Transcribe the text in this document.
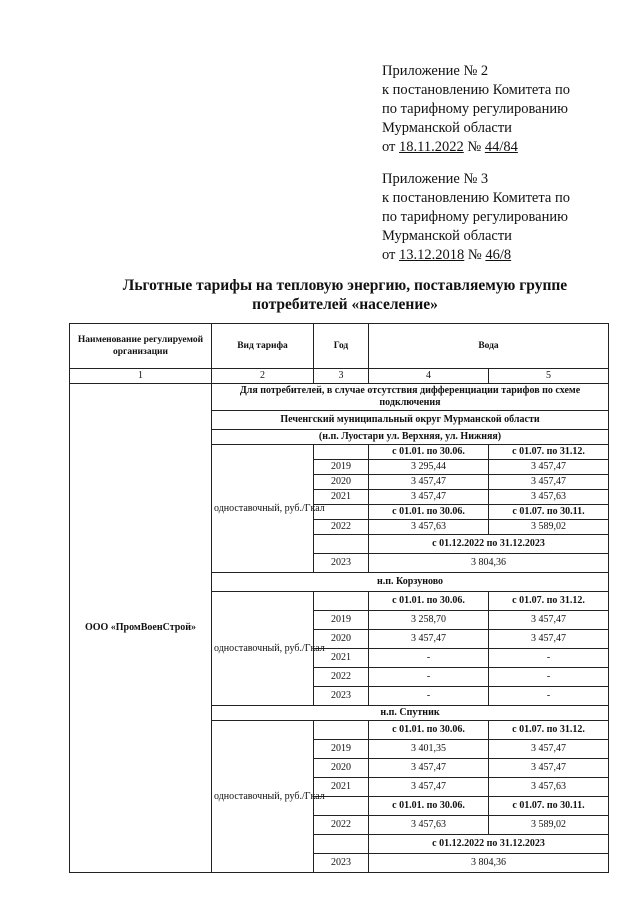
Приложение № 2
к постановлению Комитета по
по тарифному регулированию
Мурманской области
от 18.11.2022 № 44/84
Приложение № 3
к постановлению Комитета по
по тарифному регулированию
Мурманской области
от 13.12.2018 № 46/8
Льготные тарифы на тепловую энергию, поставляемую группе
потребителей «население»
Наименование регулируемой организации	Вид тарифа	Год	Вода	
1	2	3	4	5
ООО «ПромВоенСтрой»	Для потребителей, в случае отсутствия дифференциации тарифов по схеме подключения			
	Печенгский муниципальный округ Мурманской области			
	(н.п. Луостари ул. Верхняя, ул. Нижняя)			
	одноставочный, руб./Гкал		с 01.01. по 30.06.	с 01.07. по 31.12.
		2019	3 295,44	3 457,47
		2020	3 457,47	3 457,47
		2021	3 457,47	3 457,63
			с 01.01. по 30.06.	с 01.07. по 30.11.
		2022	3 457,63	3 589,02
			с 01.12.2022 по 31.12.2023	
		2023	3 804,36	
	н.п. Корзуново			
	одноставочный, руб./Гкал		с 01.01. по 30.06.	с 01.07. по 31.12.
		2019	3 258,70	3 457,47
		2020	3 457,47	3 457,47
		2021	-	-
		2022	-	-
		2023	-	-
	н.п. Спутник			
	одноставочный, руб./Гкал		с 01.01. по 30.06.	с 01.07. по 31.12.
		2019	3 401,35	3 457,47
		2020	3 457,47	3 457,47
		2021	3 457,47	3 457,63
			с 01.01. по 30.06.	с 01.07. по 30.11.
		2022	3 457,63	3 589,02
			с 01.12.2022 по 31.12.2023	
		2023	3 804,36	
